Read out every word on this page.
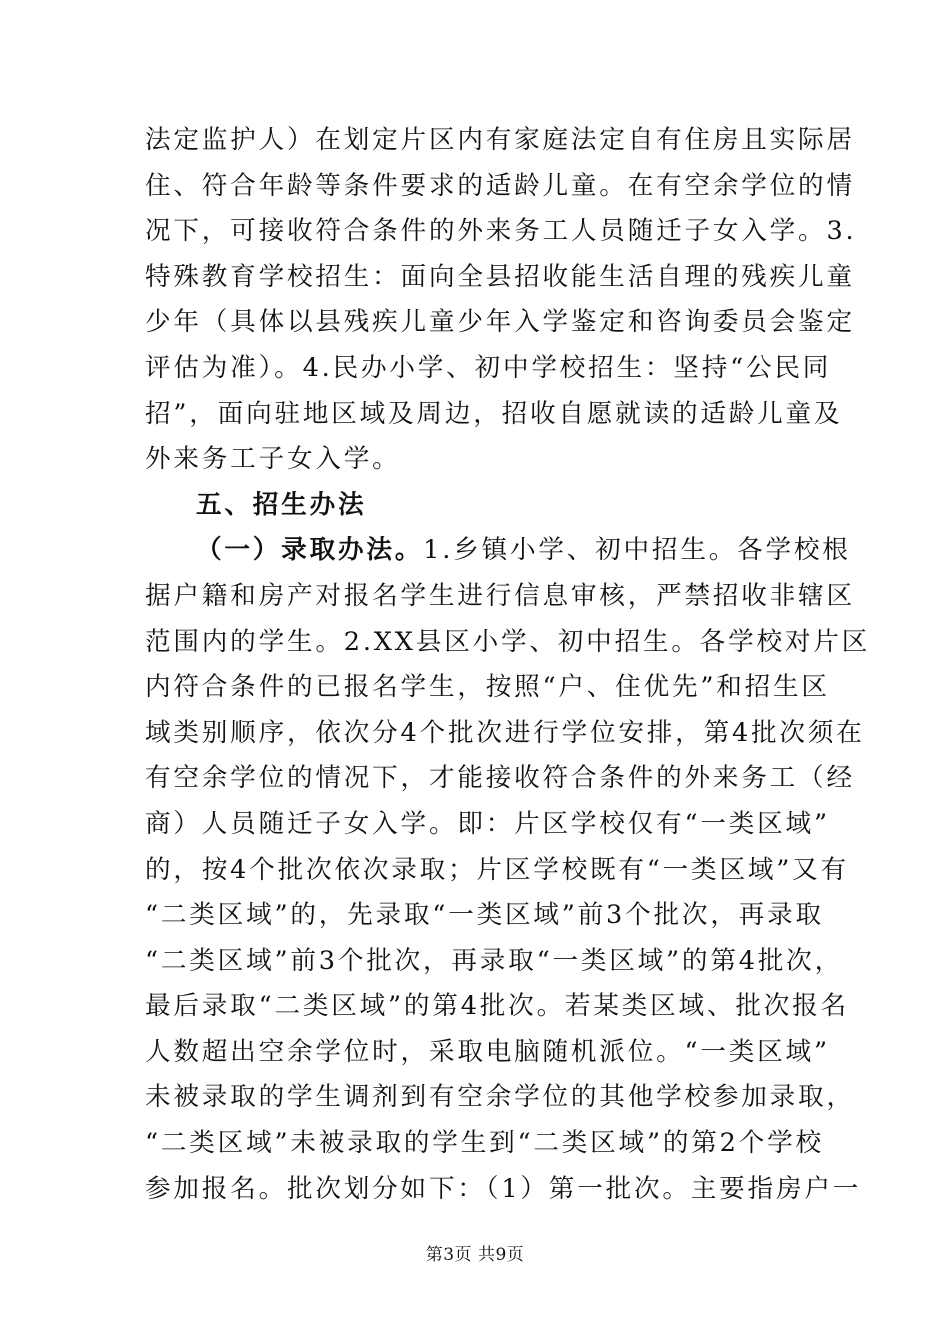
法定监护人）在划定片区内有家庭法定自有住房且实际居
住、符合年龄等条件要求的适龄儿童。在有空余学位的情
况下，可接收符合条件的外来务工人员随迁子女入学。3.
特殊教育学校招生：面向全县招收能生活自理的残疾儿童
少年（具体以县残疾儿童少年入学鉴定和咨询委员会鉴定
评估为准）。4.民办小学、初中学校招生：坚持“公民同
招”，面向驻地区域及周边，招收自愿就读的适龄儿童及
外来务工子女入学。
五、招生办法
（一）录取办法。1.乡镇小学、初中招生。各学校根
据户籍和房产对报名学生进行信息审核，严禁招收非辖区
范围内的学生。2.XX县区小学、初中招生。各学校对片区
内符合条件的已报名学生，按照“户、住优先”和招生区
域类别顺序，依次分4个批次进行学位安排，第4批次须在
有空余学位的情况下，才能接收符合条件的外来务工（经
商）人员随迁子女入学。即：片区学校仅有“一类区域”
的，按4个批次依次录取；片区学校既有“一类区域”又有
“二类区域”的，先录取“一类区域”前3个批次，再录取
“二类区域”前3个批次，再录取“一类区域”的第4批次，
最后录取“二类区域”的第4批次。若某类区域、批次报名
人数超出空余学位时，采取电脑随机派位。“一类区域”
未被录取的学生调剂到有空余学位的其他学校参加录取，
“二类区域”未被录取的学生到“二类区域”的第2个学校
参加报名。批次划分如下：（1）第一批次。主要指房户一
第3页 共9页
